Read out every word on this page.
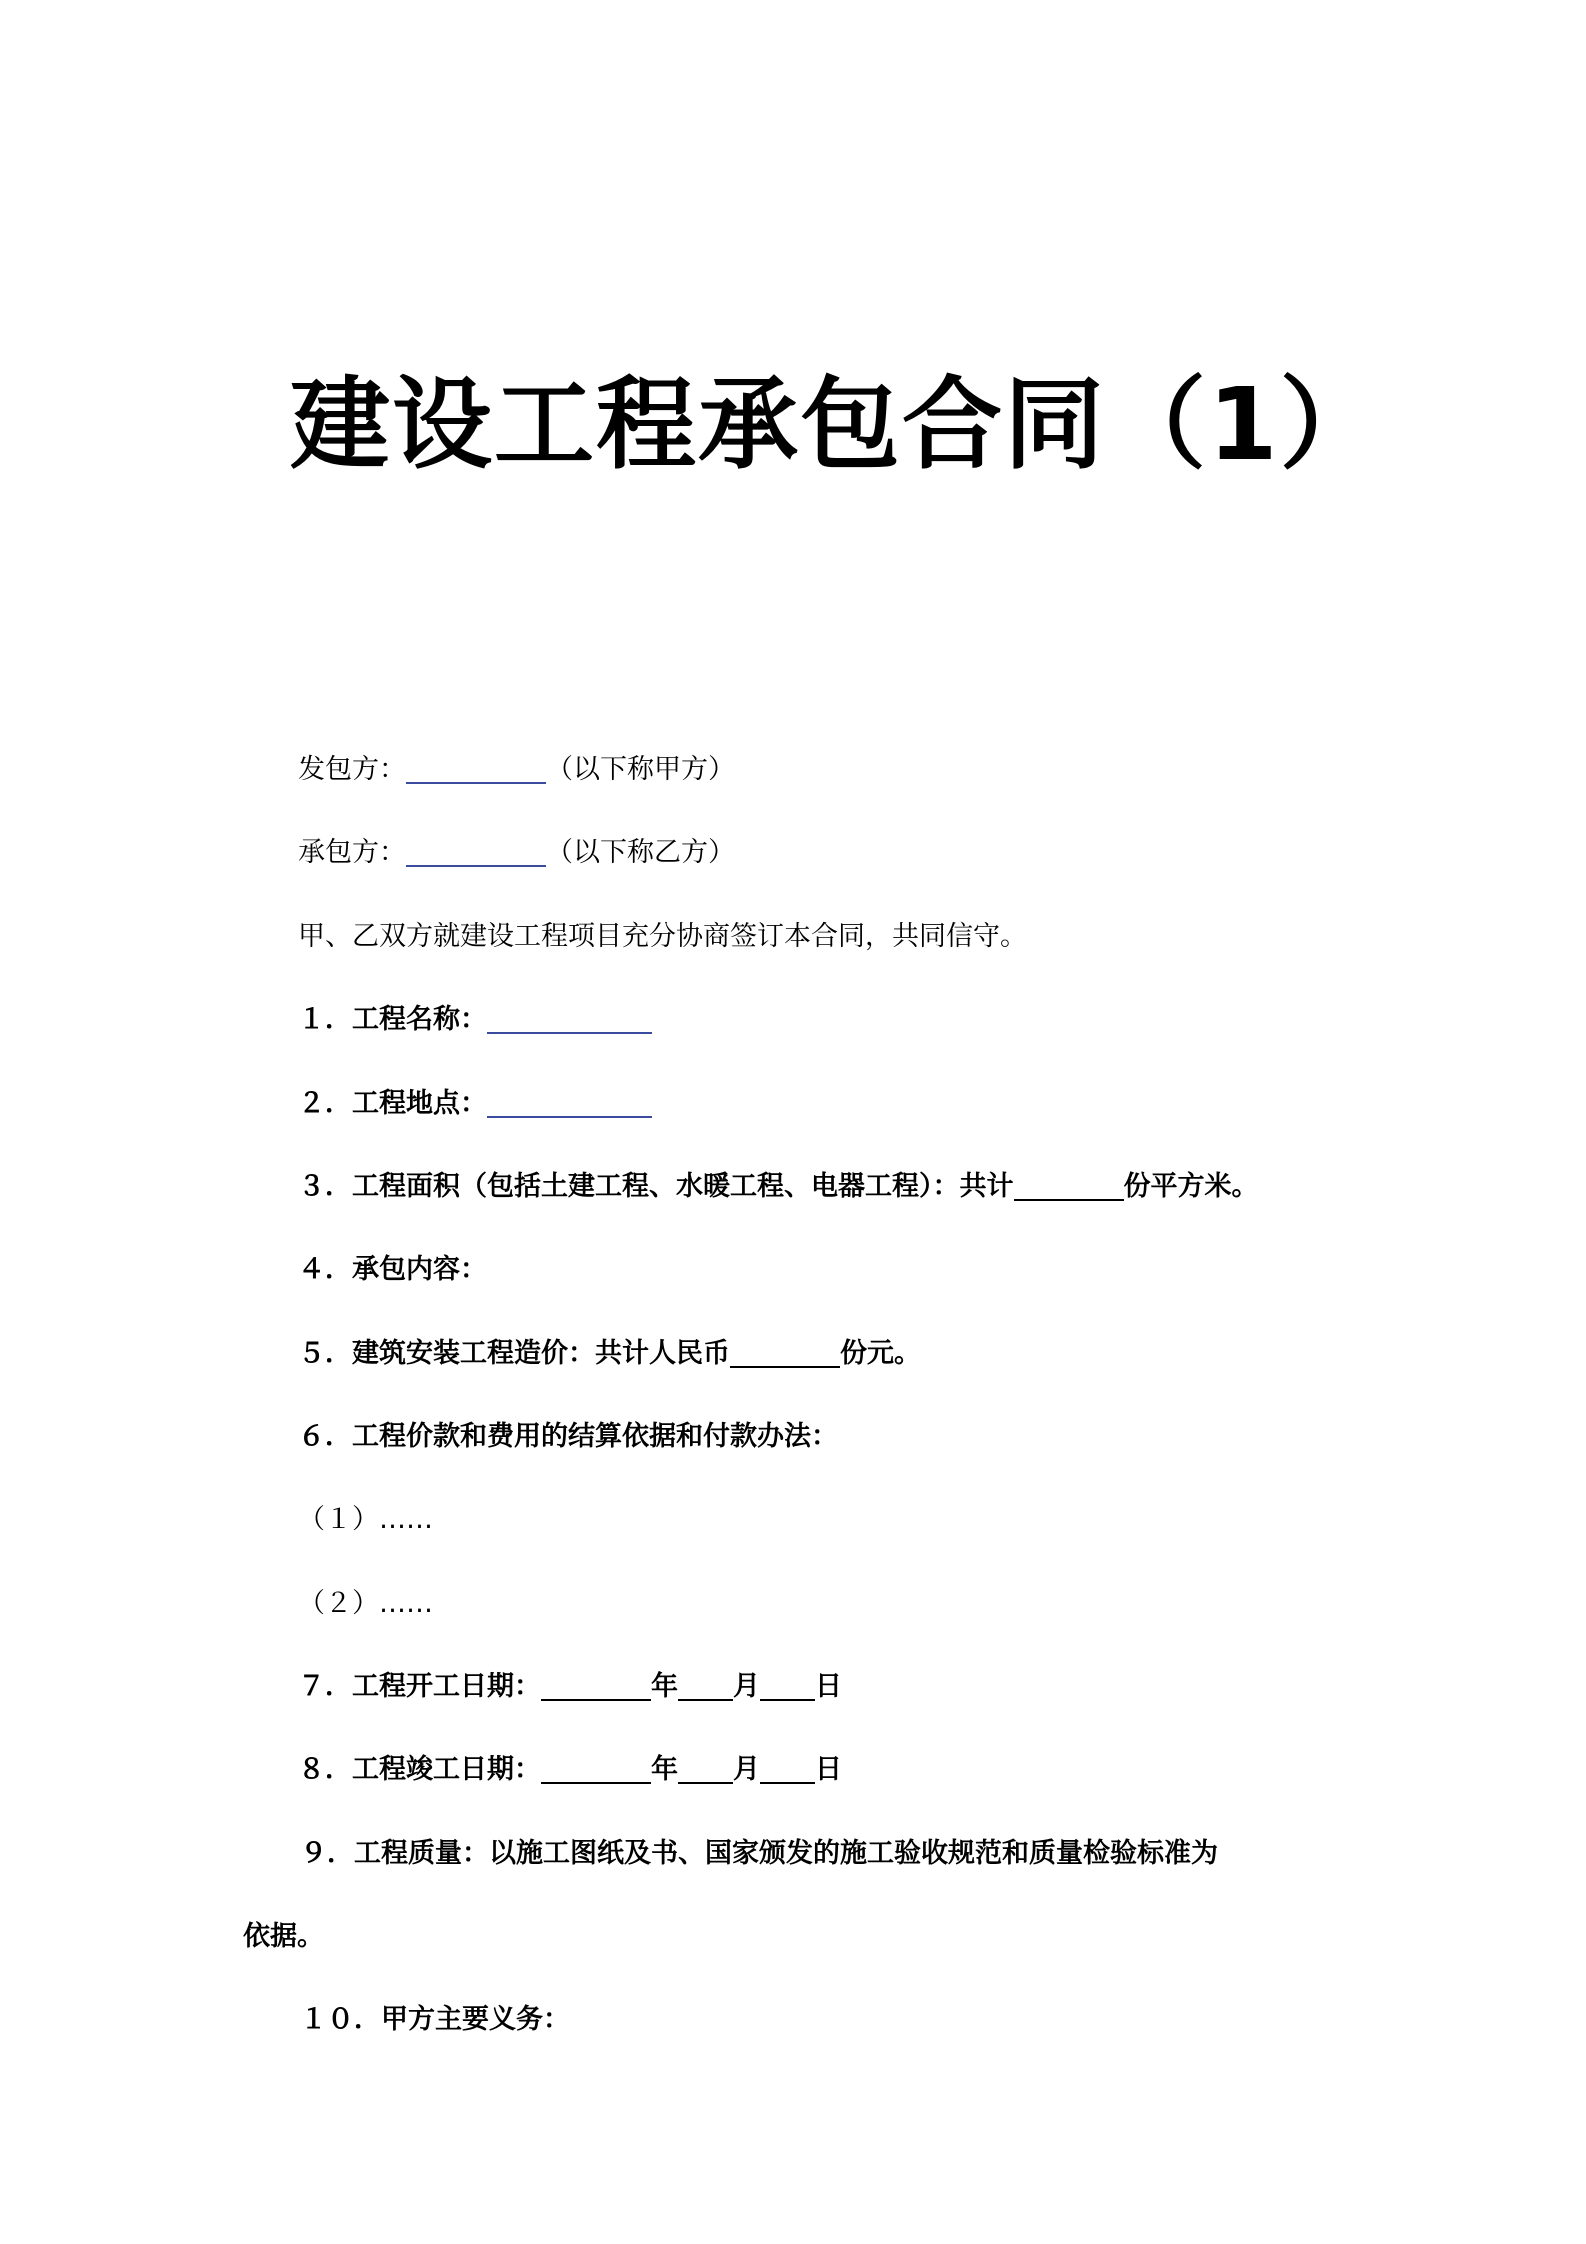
建设工程承包合同（1）
发包方：	（以下称甲方）
承包方：	（以下称乙方）
甲、乙双方就建设工程项目充分协商签订本合同，共同信守。
１．工程名称：
２．工程地点：
３．工程面积（包括土建工程、水暖工程、电器工程）：共计	份平方米。
４．承包内容：
５．建筑安装工程造价：共计人民币	份元。
６．工程价款和费用的结算依据和付款办法：
（１）……
（２）……
７．工程开工日期：	年 月 日
８．工程竣工日期：	年 月 日
９．工程质量：以施工图纸及书、国家颁发的施工验收规范和质量检验标准为
依据。
１０．甲方主要义务：
